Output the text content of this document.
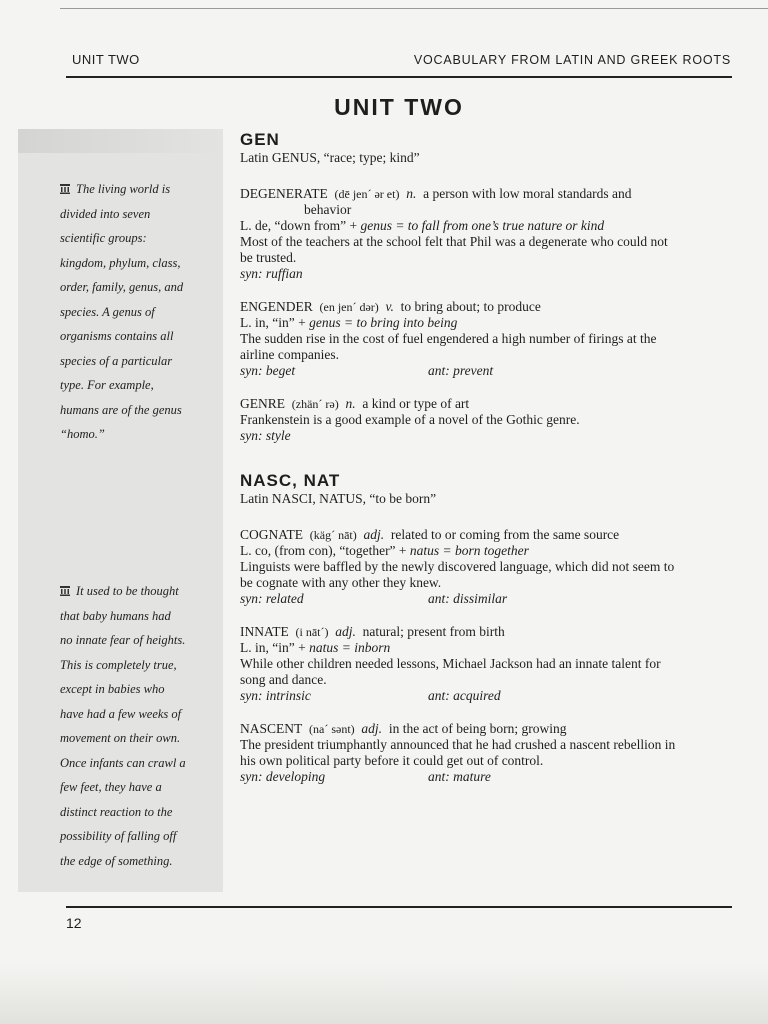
UNIT TWO	VOCABULARY FROM LATIN AND GREEK ROOTS
UNIT TWO
The living world is
divided into seven
scientific groups:
kingdom, phylum, class,
order, family, genus, and
species. A genus of
organisms contains all
species of a particular
type. For example,
humans are of the genus
“homo.”
It used to be thought
that baby humans had
no innate fear of heights.
This is completely true,
except in babies who
have had a few weeks of
movement on their own.
Once infants can crawl a
few feet, they have a
distinct reaction to the
possibility of falling off
the edge of something.
GEN
Latin GENUS, “race; type; kind”
DEGENERATE (dē jen´ ər et) n. a person with low moral standards and
behavior
L. de, “down from” + genus = to fall from one’s true nature or kind
Most of the teachers at the school felt that Phil was a degenerate who could not
be trusted.
syn: ruffian
ENGENDER (en jen´ dər) v. to bring about; to produce
L. in, “in” + genus = to bring into being
The sudden rise in the cost of fuel engendered a high number of firings at the
airline companies.
syn: beget	ant: prevent
GENRE (zhän´ rə) n. a kind or type of art
Frankenstein is a good example of a novel of the Gothic genre.
syn: style
NASC, NAT
Latin NASCI, NATUS, “to be born”
COGNATE (käg´ nāt) adj. related to or coming from the same source
L. co, (from con), “together” + natus = born together
Linguists were baffled by the newly discovered language, which did not seem to
be cognate with any other they knew.
syn: related	ant: dissimilar
INNATE (i nāt´) adj. natural; present from birth
L. in, “in” + natus = inborn
While other children needed lessons, Michael Jackson had an innate talent for
song and dance.
syn: intrinsic	ant: acquired
NASCENT (na´ sənt) adj. in the act of being born; growing
The president triumphantly announced that he had crushed a nascent rebellion in
his own political party before it could get out of control.
syn: developing	ant: mature
12
